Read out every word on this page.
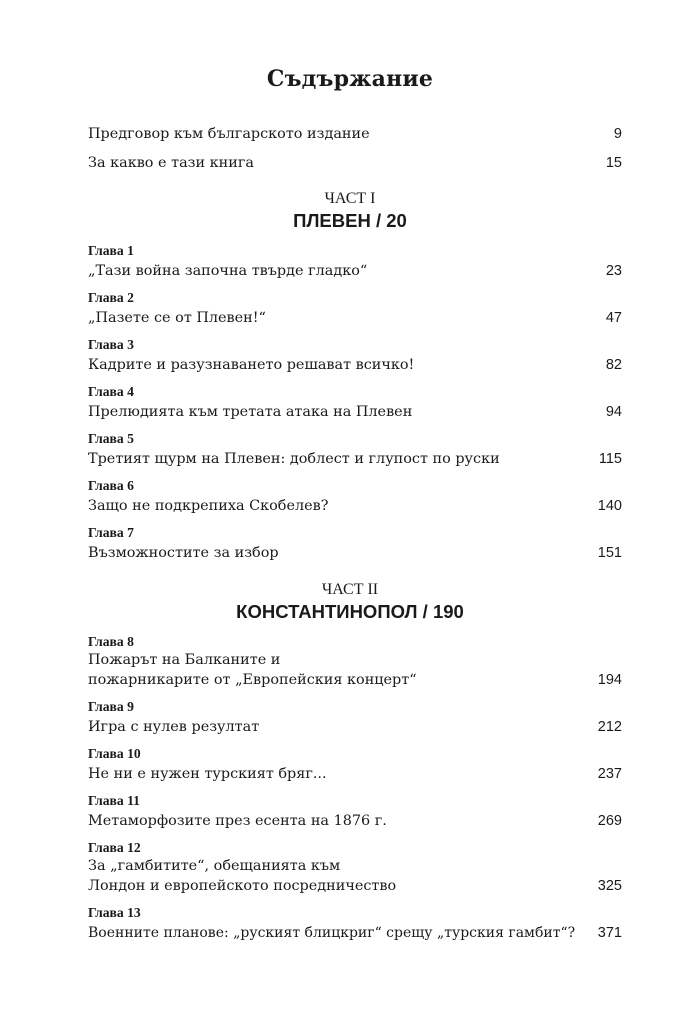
Съдържание
Предговор към българското издание	9
За какво е тази книга	15
ЧАСТ I
ПЛЕВЕН / 20
Глава 1
„Тази война започна твърде гладко“	23
Глава 2
„Пазете се от Плевен!“	47
Глава 3
Кадрите и разузнаването решават всичко!	82
Глава 4
Прелюдията към третата атака на Плевен	94
Глава 5
Третият щурм на Плевен: доблест и глупост по руски	115
Глава 6
Защо не подкрепиха Скобелев?	140
Глава 7
Възможностите за избор	151
ЧАСТ II
КОНСТАНТИНОПОЛ / 190
Глава 8
Пожарът на Балканите и
пожарникарите от „Европейския концерт“	194
Глава 9
Игра с нулев резултат	212
Глава 10
Не ни е нужен турският бряг...	237
Глава 11
Метаморфозите през есента на 1876 г.	269
Глава 12
За „гамбитите“, обещанията към
Лондон и европейското посредничество	325
Глава 13
Военните планове: „руският блицкриг“ срещу „турския гамбит“? 371
